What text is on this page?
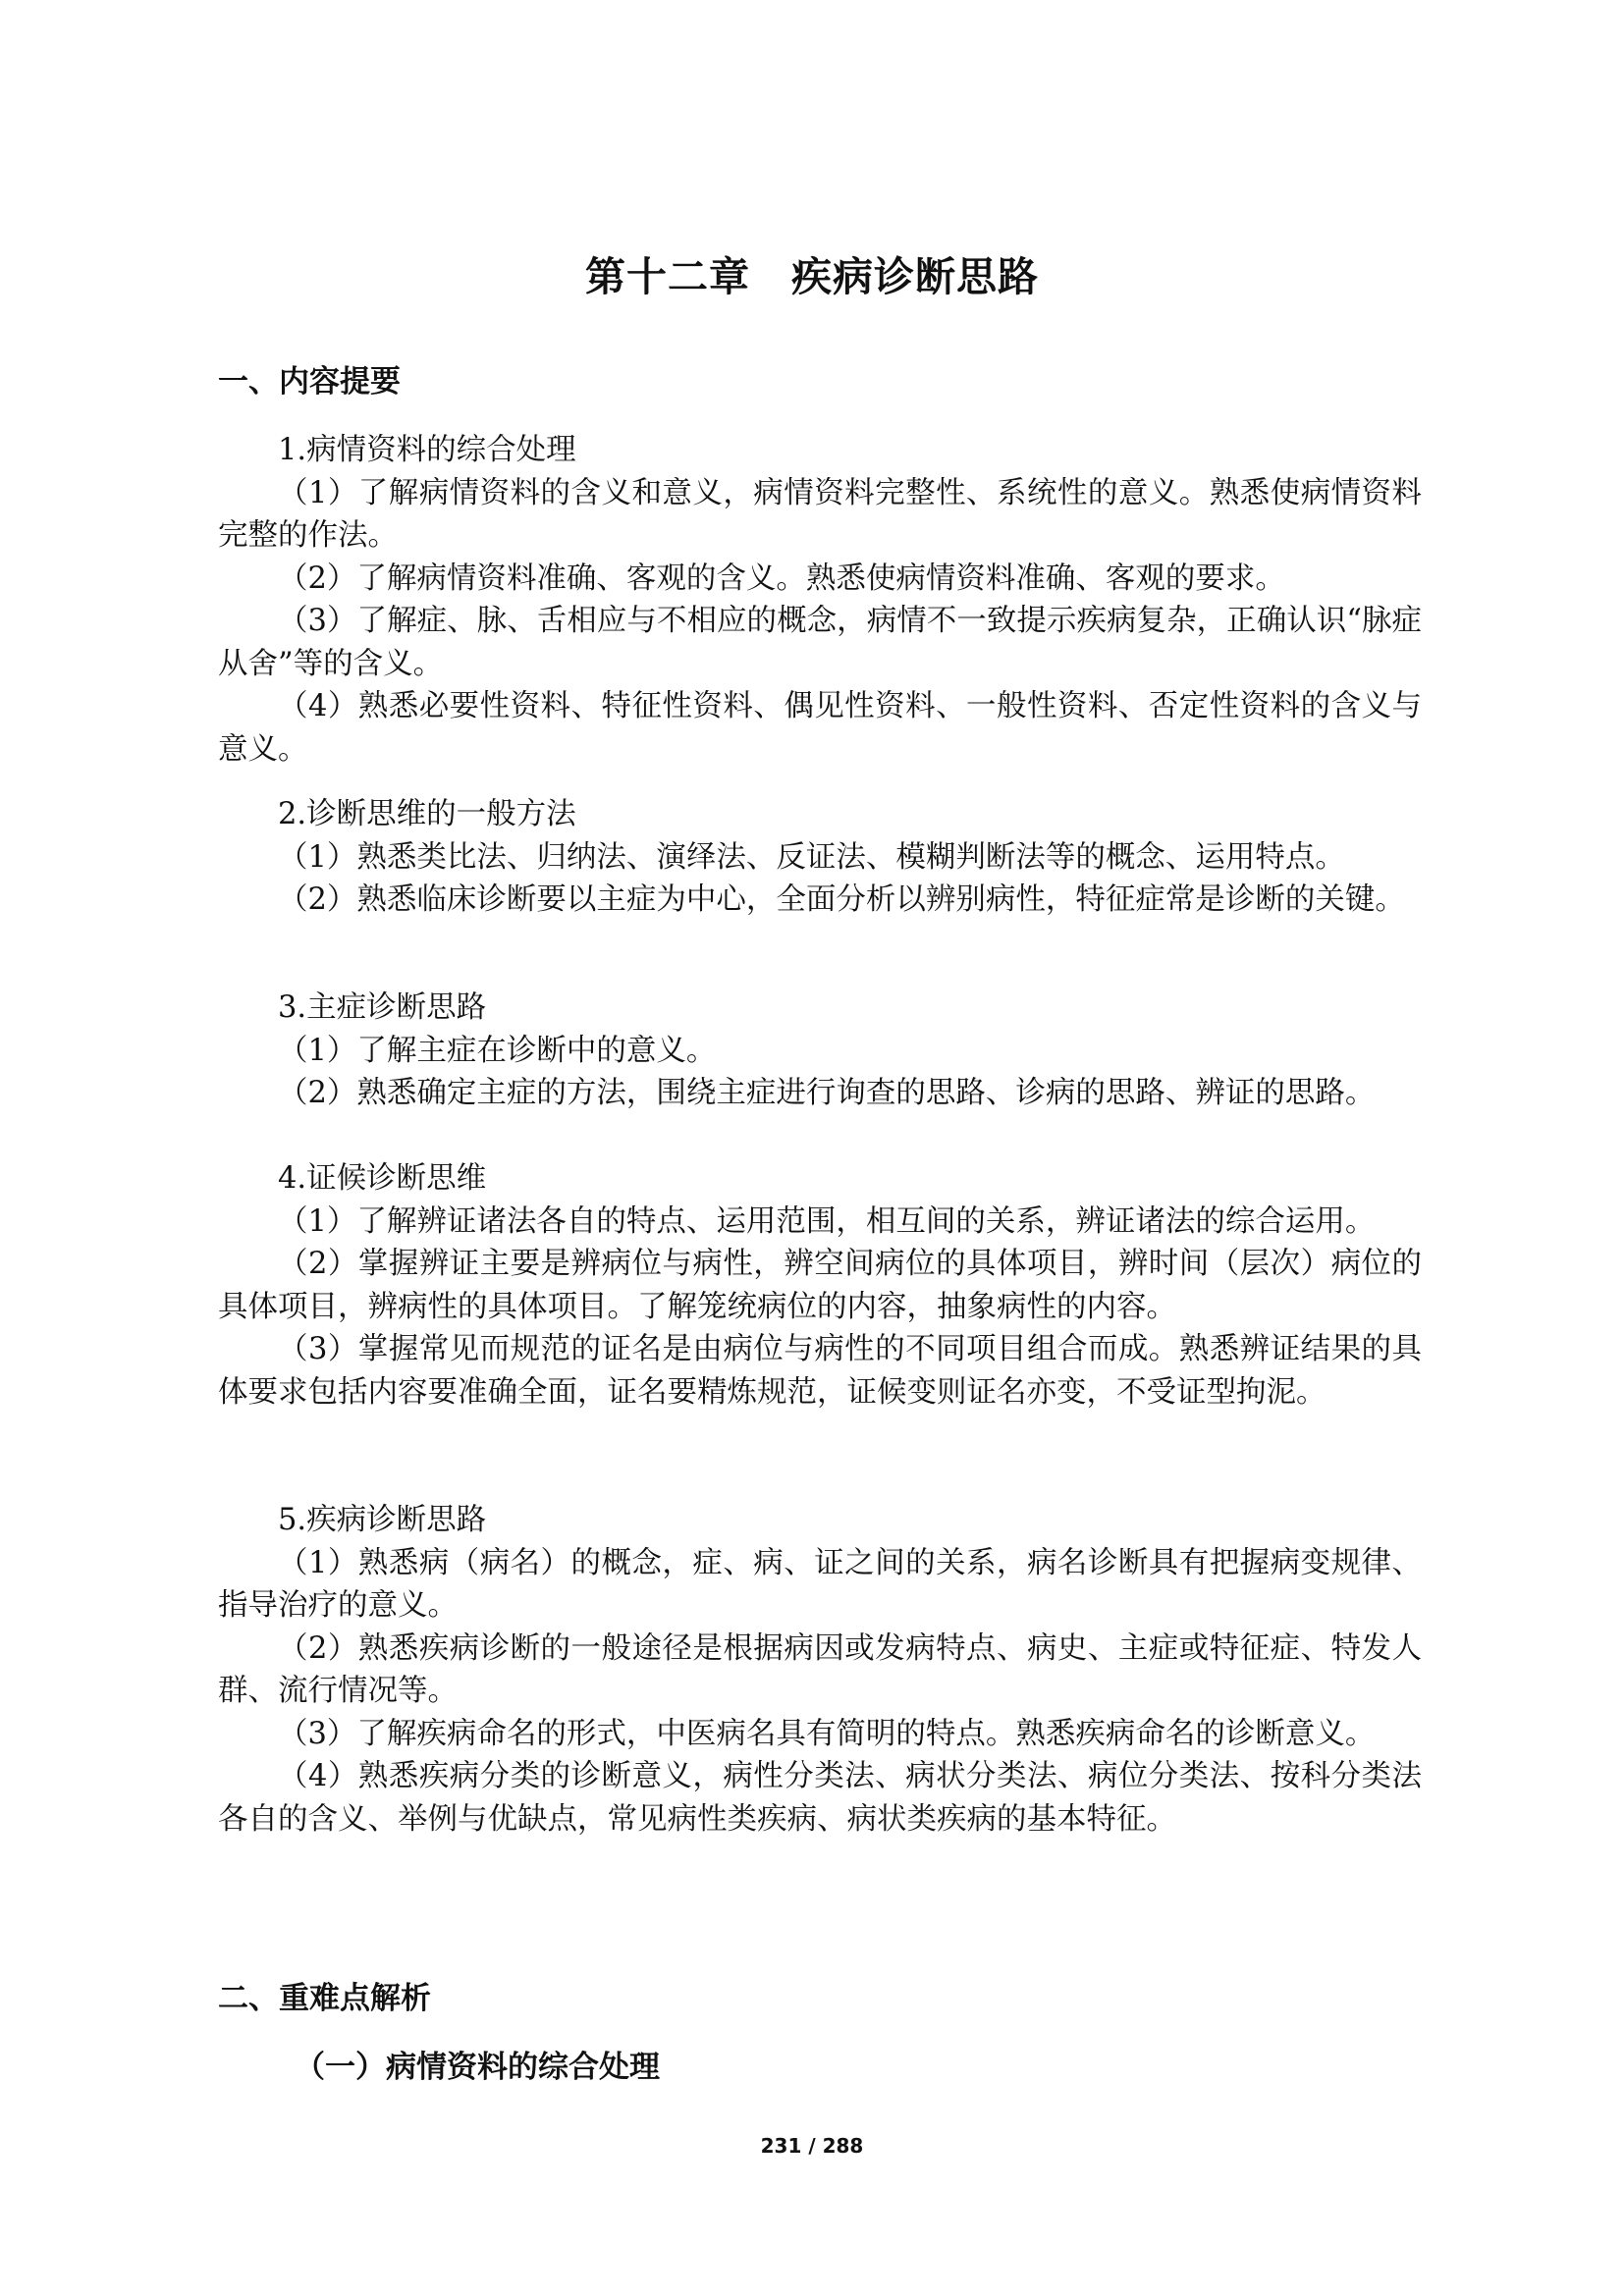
第十二章　疾病诊断思路
一、内容提要

1.病情资料的综合处理

（1）了解病情资料的含义和意义，病情资料完整性、系统性的意义。熟悉使病情资料完整的作法。

（2）了解病情资料准确、客观的含义。熟悉使病情资料准确、客观的要求。

（3）了解症、脉、舌相应与不相应的概念，病情不一致提示疾病复杂，正确认识“脉症从舍”等的含义。

（4）熟悉必要性资料、特征性资料、偶见性资料、一般性资料、否定性资料的含义与意义。

2.诊断思维的一般方法

（1）熟悉类比法、归纳法、演绎法、反证法、模糊判断法等的概念、运用特点。

（2）熟悉临床诊断要以主症为中心，全面分析以辨别病性，特征症常是诊断的关键。

3.主症诊断思路

（1）了解主症在诊断中的意义。

（2）熟悉确定主症的方法，围绕主症进行询查的思路、诊病的思路、辨证的思路。

4.证候诊断思维

（1）了解辨证诸法各自的特点、运用范围，相互间的关系，辨证诸法的综合运用。

（2）掌握辨证主要是辨病位与病性，辨空间病位的具体项目，辨时间（层次）病位的具体项目，辨病性的具体项目。了解笼统病位的内容，抽象病性的内容。

（3）掌握常见而规范的证名是由病位与病性的不同项目组合而成。熟悉辨证结果的具体要求包括内容要准确全面，证名要精炼规范，证候变则证名亦变，不受证型拘泥。

5.疾病诊断思路

（1）熟悉病（病名）的概念，症、病、证之间的关系，病名诊断具有把握病变规律、指导治疗的意义。

（2）熟悉疾病诊断的一般途径是根据病因或发病特点、病史、主症或特征症、特发人群、流行情况等。

（3）了解疾病命名的形式，中医病名具有简明的特点。熟悉疾病命名的诊断意义。

（4）熟悉疾病分类的诊断意义，病性分类法、病状分类法、病位分类法、按科分类法各自的含义、举例与优缺点，常见病性类疾病、病状类疾病的基本特征。

二、重难点解析
（一）病情资料的综合处理
231 / 288
